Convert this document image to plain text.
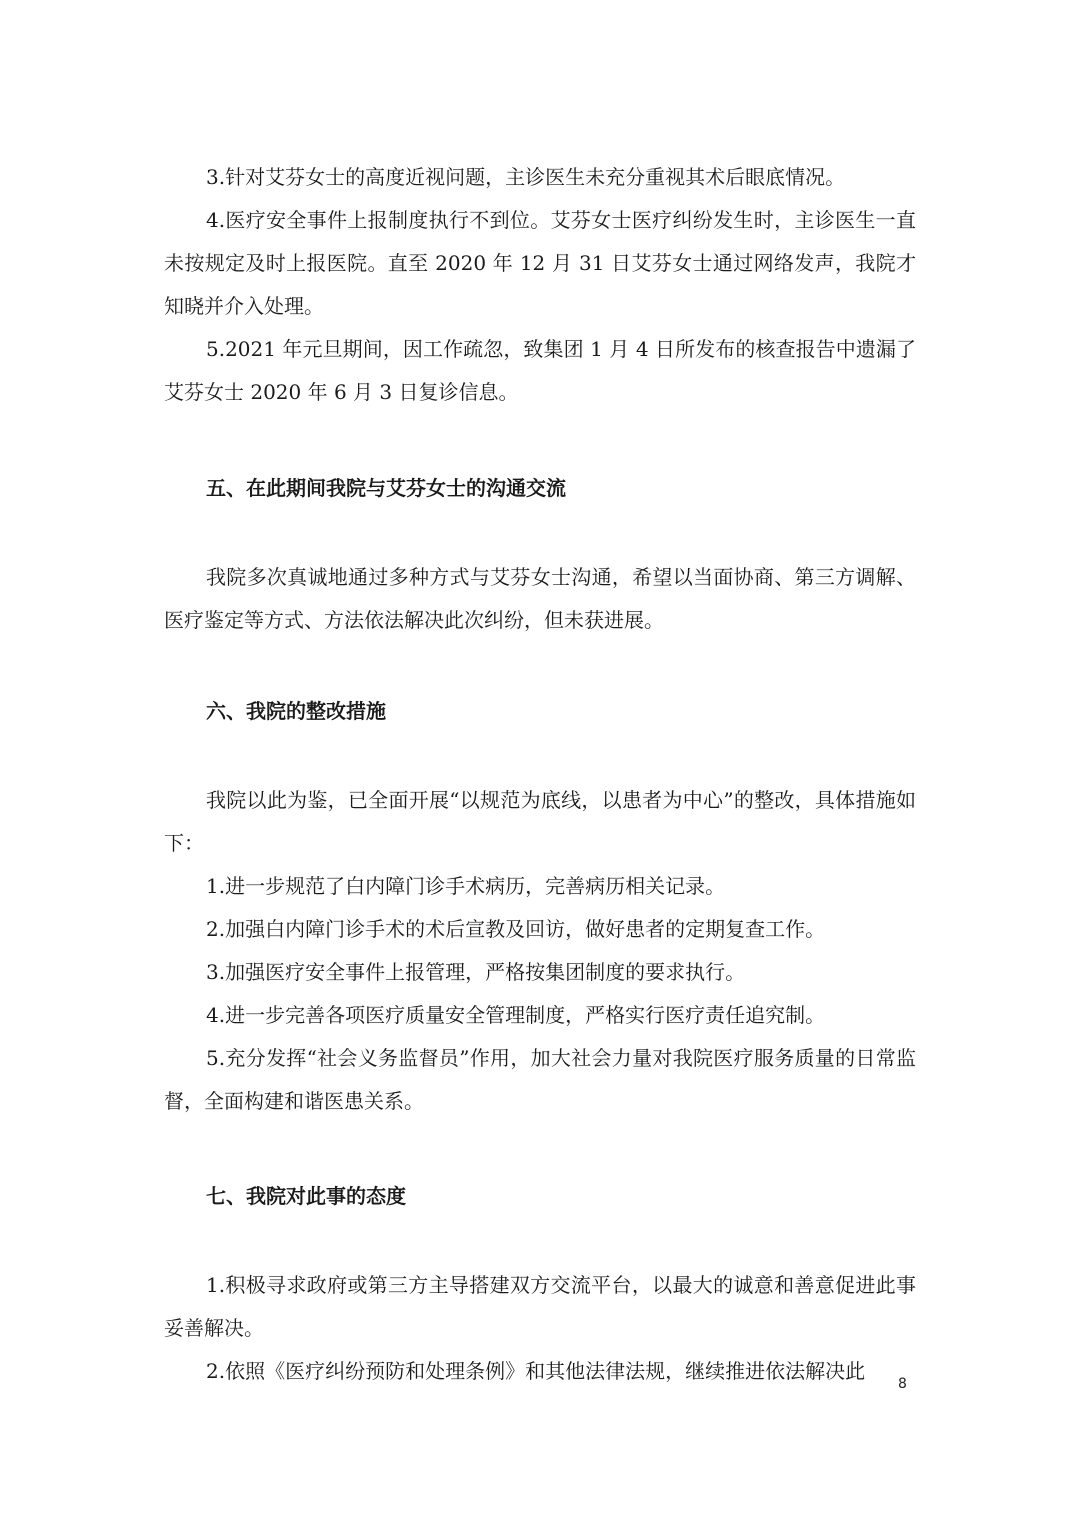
3.针对艾芬女士的高度近视问题，主诊医生未充分重视其术后眼底情况。

4.医疗安全事件上报制度执行不到位。艾芬女士医疗纠纷发生时，主诊医生一直未按规定及时上报医院。直至 2020 年 12 月 31 日艾芬女士通过网络发声，我院才知晓并介入处理。

5.2021 年元旦期间，因工作疏忽，致集团 1 月 4 日所发布的核查报告中遗漏了艾芬女士 2020 年 6 月 3 日复诊信息。

五、在此期间我院与艾芬女士的沟通交流

我院多次真诚地通过多种方式与艾芬女士沟通，希望以当面协商、第三方调解、医疗鉴定等方式、方法依法解决此次纠纷，但未获进展。

六、我院的整改措施

我院以此为鉴，已全面开展“以规范为底线，以患者为中心”的整改，具体措施如下：

1.进一步规范了白内障门诊手术病历，完善病历相关记录。

2.加强白内障门诊手术的术后宣教及回访，做好患者的定期复查工作。

3.加强医疗安全事件上报管理，严格按集团制度的要求执行。

4.进一步完善各项医疗质量安全管理制度，严格实行医疗责任追究制。

5.充分发挥“社会义务监督员”作用，加大社会力量对我院医疗服务质量的日常监督，全面构建和谐医患关系。

七、我院对此事的态度

1.积极寻求政府或第三方主导搭建双方交流平台，以最大的诚意和善意促进此事妥善解决。

2.依照《医疗纠纷预防和处理条例》和其他法律法规，继续推进依法解决此

8
